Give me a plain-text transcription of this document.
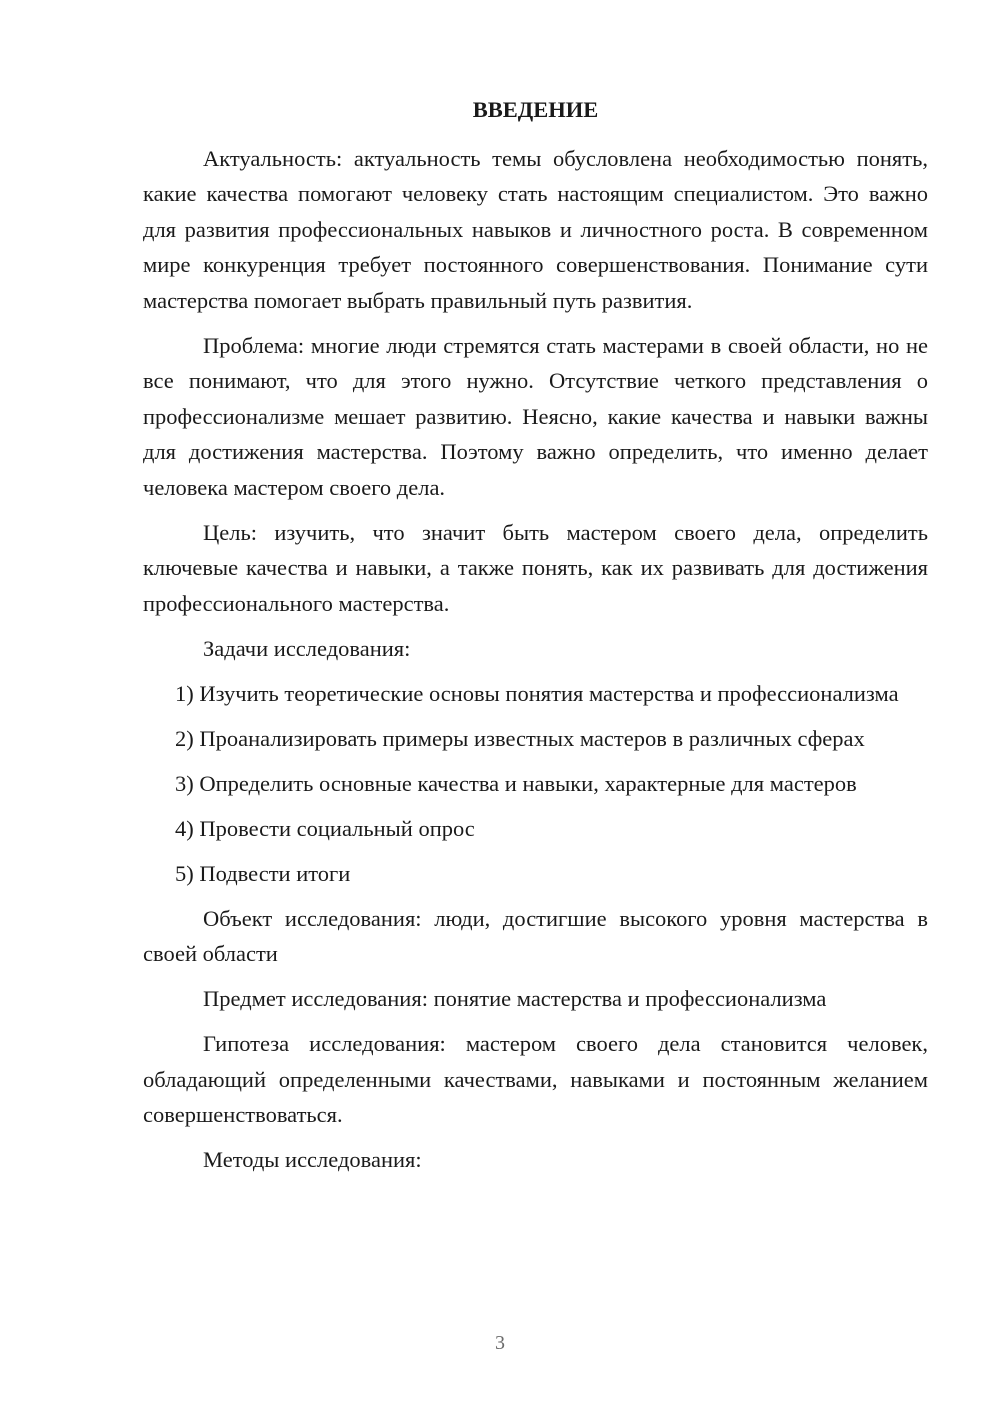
ВВЕДЕНИЕ

Актуальность: актуальность темы обусловлена необходимостью понять, какие качества помогают человеку стать настоящим специалистом. Это важно для развития профессиональных навыков и личностного роста. В современном мире конкуренция требует постоянного совершенствования. Понимание сути мастерства помогает выбрать правильный путь развития.

Проблема: многие люди стремятся стать мастерами в своей области, но не все понимают, что для этого нужно. Отсутствие четкого представления о профессионализме мешает развитию. Неясно, какие качества и навыки важны для достижения мастерства. Поэтому важно определить, что именно делает человека мастером своего дела.

Цель: изучить, что значит быть мастером своего дела, определить ключевые качества и навыки, а также понять, как их развивать для достижения профессионального мастерства.

Задачи исследования:

1) Изучить теоретические основы понятия мастерства и профессионализма

2) Проанализировать примеры известных мастеров в различных сферах

3) Определить основные качества и навыки, характерные для мастеров

4) Провести социальный опрос

5) Подвести итоги

Объект исследования: люди, достигшие высокого уровня мастерства в своей области

Предмет исследования: понятие мастерства и профессионализма

Гипотеза исследования: мастером своего дела становится человек, обладающий определенными качествами, навыками и постоянным желанием совершенствоваться.

Методы исследования:

3
